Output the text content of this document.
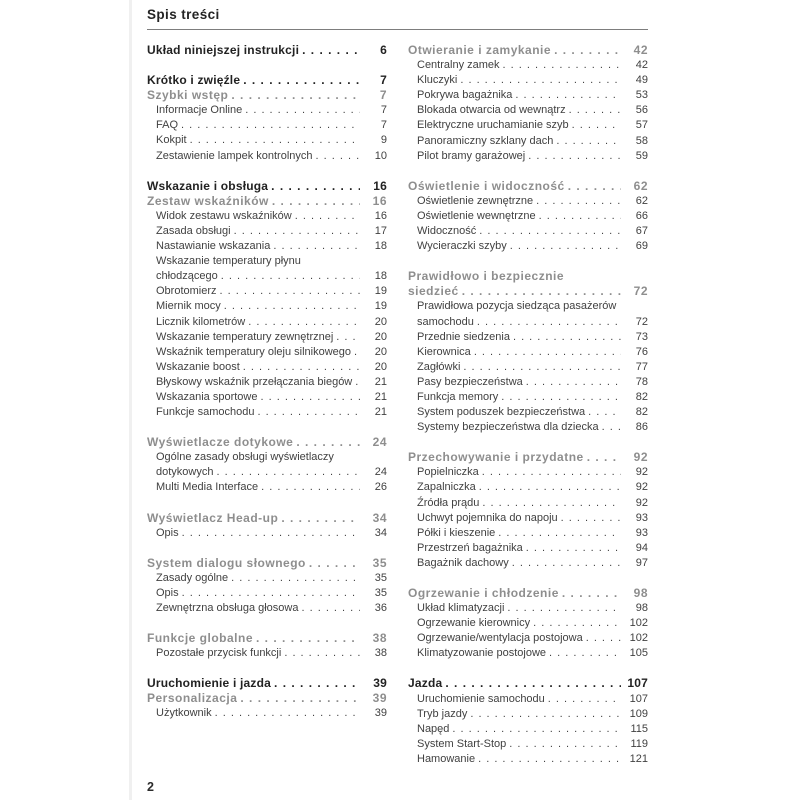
Spis treści
Układ niniejszej instrukcji . . .	6
Krótko i zwięźle . . .	7
Szybki wstęp . . .	7
Informacje Online . . .	7
FAQ . . .	7
Kokpit . . .	9
Zestawienie lampek kontrolnych . . .	10
Wskazanie i obsługa . . .	16
Zestaw wskaźników . . .	16
Widok zestawu wskaźników . . .	16
Zasada obsługi . . .	17
Nastawianie wskazania . . .	18
Wskazanie temperatury płynu
chłodzącego . . .	18
Obrotomierz . . .	19
Miernik mocy . . .	19
Licznik kilometrów . . .	20
Wskazanie temperatury zewnętrznej . . .	20
Wskaźnik temperatury oleju silnikowego . . .	20
Wskazanie boost . . .	20
Błyskowy wskaźnik przełączania biegów . . .	21
Wskazania sportowe . . .	21
Funkcje samochodu . . .	21
Wyświetlacze dotykowe . . .	24
Ogólne zasady obsługi wyświetlaczy
dotykowych . . .	24
Multi Media Interface . . .	26
Wyświetlacz Head-up . . .	34
Opis . . .	34
System dialogu słownego . . .	35
Zasady ogólne . . .	35
Opis . . .	35
Zewnętrzna obsługa głosowa . . .	36
Funkcje globalne . . .	38
Pozostałe przycisk funkcji . . .	38
Uruchomienie i jazda . . .	39
Personalizacja . . .	39
Użytkownik . . .	39
Otwieranie i zamykanie . . .	42
Centralny zamek . . .	42
Kluczyki . . .	49
Pokrywa bagażnika . . .	53
Blokada otwarcia od wewnątrz . . .	56
Elektryczne uruchamianie szyb . . .	57
Panoramiczny szklany dach . . .	58
Pilot bramy garażowej . . .	59
Oświetlenie i widoczność . . .	62
Oświetlenie zewnętrzne . . .	62
Oświetlenie wewnętrzne . . .	66
Widoczność . . .	67
Wycieraczki szyby . . .	69
Prawidłowo i bezpiecznie
siedzieć . . .	72
Prawidłowa pozycja siedząca pasażerów
samochodu . . .	72
Przednie siedzenia . . .	73
Kierownica . . .	76
Zagłówki . . .	77
Pasy bezpieczeństwa . . .	78
Funkcja memory . . .	82
System poduszek bezpieczeństwa . . .	82
Systemy bezpieczeństwa dla dziecka . . .	86
Przechowywanie i przydatne . . .	92
Popielniczka . . .	92
Zapalniczka . . .	92
Źródła prądu . . .	92
Uchwyt pojemnika do napoju . . .	93
Półki i kieszenie . . .	93
Przestrzeń bagażnika . . .	94
Bagażnik dachowy . . .	97
Ogrzewanie i chłodzenie . . .	98
Układ klimatyzacji . . .	98
Ogrzewanie kierownicy . . .	102
Ogrzewanie/wentylacja postojowa . . .	102
Klimatyzowanie postojowe . . .	105
Jazda . . .	107
Uruchomienie samochodu . . .	107
Tryb jazdy . . .	109
Napęd . . .	115
System Start-Stop . . .	119
Hamowanie . . .	121
2
